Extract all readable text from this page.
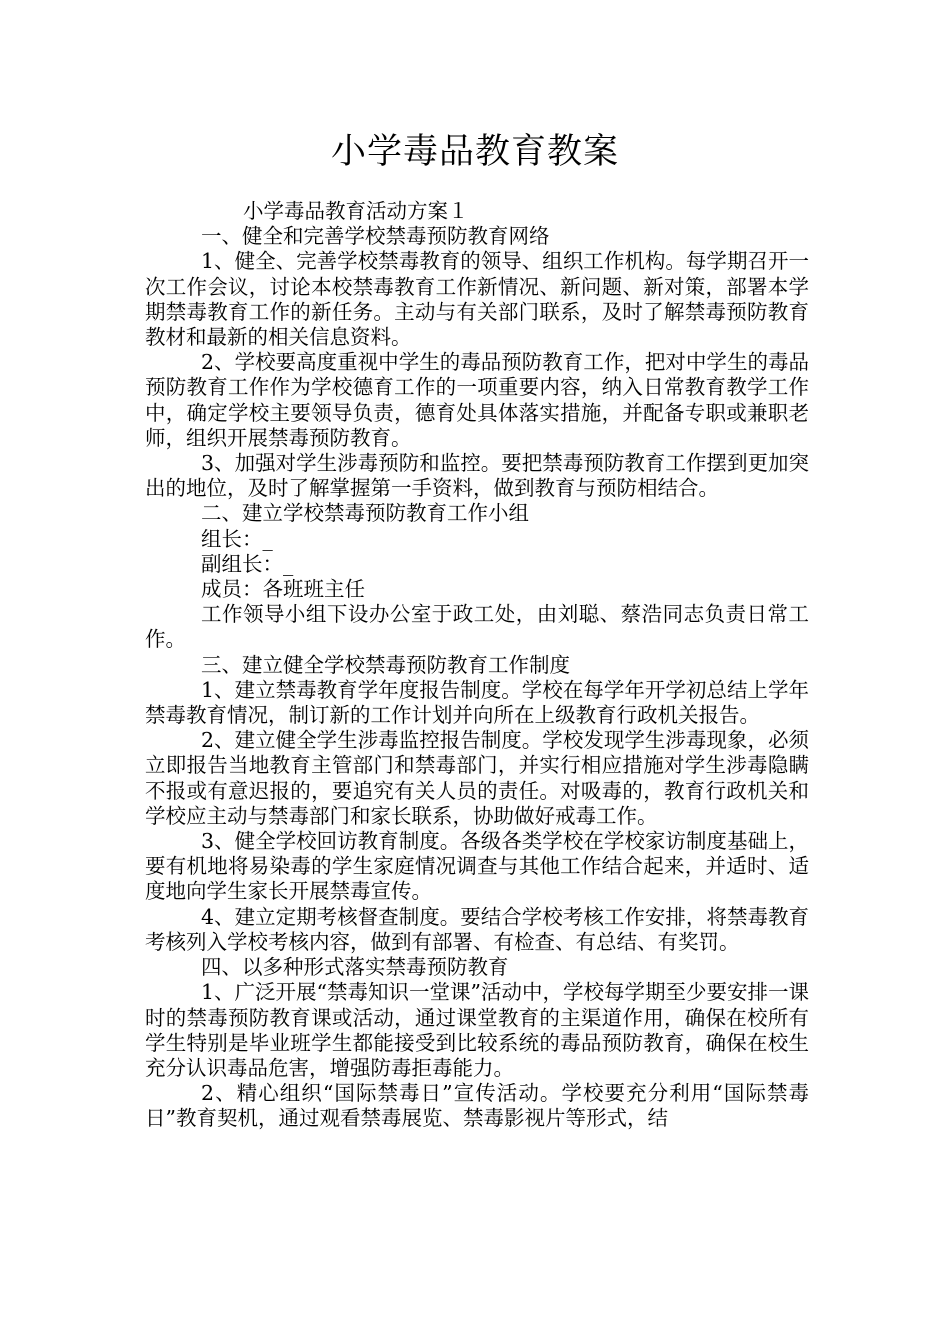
小学毒品教育教案

小学毒品教育活动方案１

一、健全和完善学校禁毒预防教育网络

1、健全、完善学校禁毒教育的领导、组织工作机构。每学期召开一次工作会议，讨论本校禁毒教育工作新情况、新问题、新对策，部署本学期禁毒教育工作的新任务。主动与有关部门联系，及时了解禁毒预防教育教材和最新的相关信息资料。

2、学校要高度重视中学生的毒品预防教育工作，把对中学生的毒品预防教育工作作为学校德育工作的一项重要内容，纳入日常教育教学工作中，确定学校主要领导负责，德育处具体落实措施，并配备专职或兼职老师，组织开展禁毒预防教育。

3、加强对学生涉毒预防和监控。要把禁毒预防教育工作摆到更加突出的地位，及时了解掌握第一手资料，做到教育与预防相结合。

二、建立学校禁毒预防教育工作小组

组长：_

副组长：_

成员：各班班主任

工作领导小组下设办公室于政工处，由刘聪、蔡浩同志负责日常工作。

三、建立健全学校禁毒预防教育工作制度

1、建立禁毒教育学年度报告制度。学校在每学年开学初总结上学年禁毒教育情况，制订新的工作计划并向所在上级教育行政机关报告。

2、建立健全学生涉毒监控报告制度。学校发现学生涉毒现象，必须立即报告当地教育主管部门和禁毒部门，并实行相应措施对学生涉毒隐瞒不报或有意迟报的，要追究有关人员的责任。对吸毒的，教育行政机关和学校应主动与禁毒部门和家长联系，协助做好戒毒工作。

3、健全学校回访教育制度。各级各类学校在学校家访制度基础上，要有机地将易染毒的学生家庭情况调查与其他工作结合起来，并适时、适度地向学生家长开展禁毒宣传。

4、建立定期考核督查制度。要结合学校考核工作安排，将禁毒教育考核列入学校考核内容，做到有部署、有检查、有总结、有奖罚。

四、以多种形式落实禁毒预防教育

1、广泛开展“禁毒知识一堂课”活动中，学校每学期至少要安排一课时的禁毒预防教育课或活动，通过课堂教育的主渠道作用，确保在校所有学生特别是毕业班学生都能接受到比较系统的毒品预防教育，确保在校生充分认识毒品危害，增强防毒拒毒能力。

2、精心组织“国际禁毒日”宣传活动。学校要充分利用“国际禁毒日”教育契机，通过观看禁毒展览、禁毒影视片等形式，结
